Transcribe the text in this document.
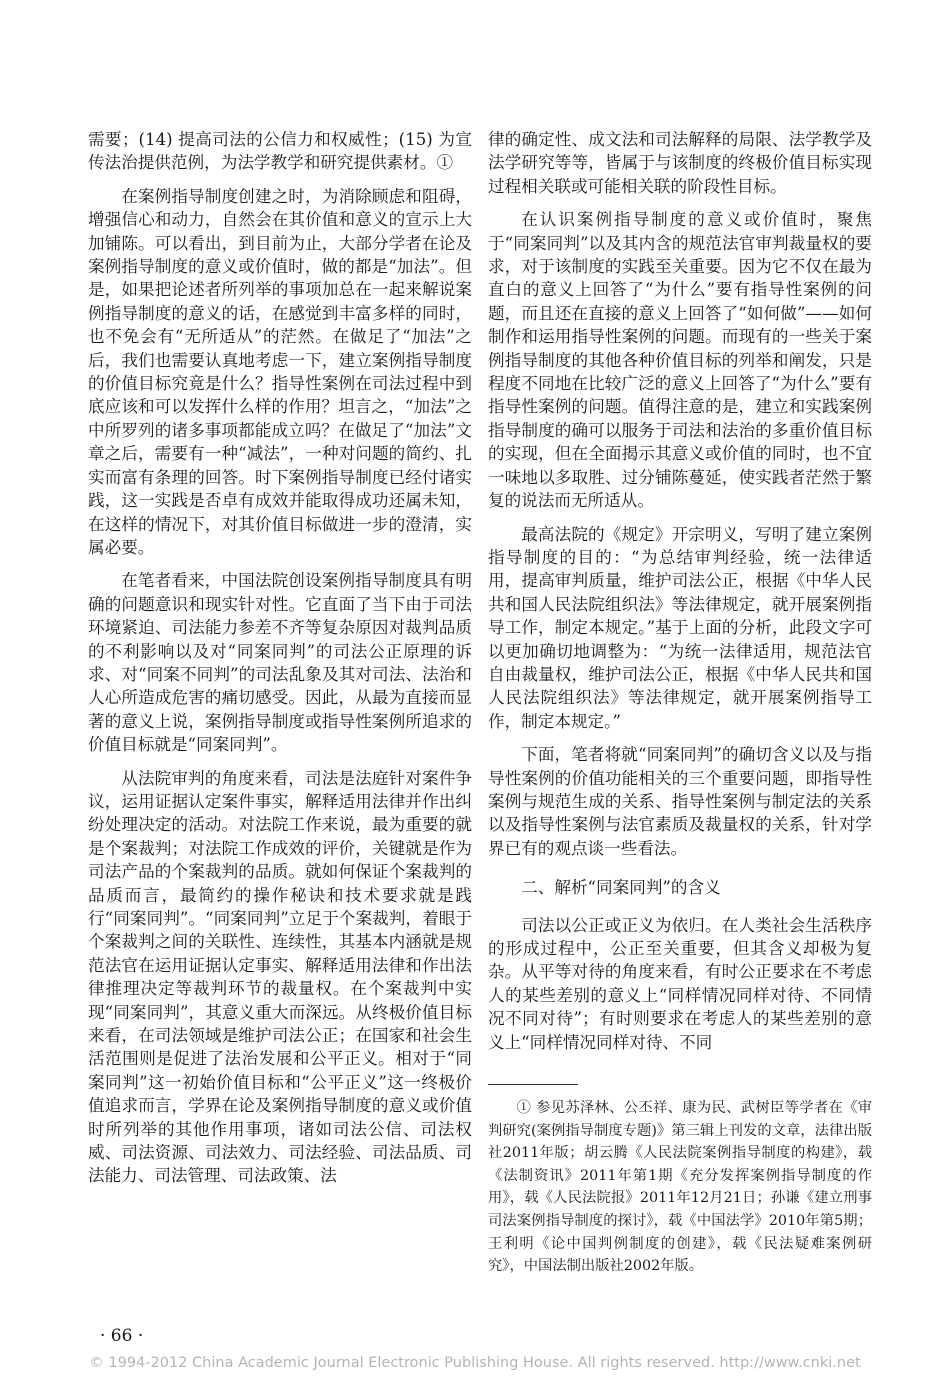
需要；(14) 提高司法的公信力和权威性；(15) 为宣传法治提供范例，为法学教学和研究提供素材。①

在案例指导制度创建之时，为消除顾虑和阻碍，增强信心和动力，自然会在其价值和意义的宣示上大加铺陈。可以看出，到目前为止，大部分学者在论及案例指导制度的意义或价值时，做的都是“加法”。但是，如果把论述者所列举的事项加总在一起来解说案例指导制度的意义的话，在感觉到丰富多样的同时，也不免会有“无所适从”的茫然。在做足了“加法”之后，我们也需要认真地考虑一下，建立案例指导制度的价值目标究竟是什么？指导性案例在司法过程中到底应该和可以发挥什么样的作用？坦言之，“加法”之中所罗列的诸多事项都能成立吗？在做足了“加法”文章之后，需要有一种“减法”，一种对问题的简约、扎实而富有条理的回答。时下案例指导制度已经付诸实践，这一实践是否卓有成效并能取得成功还属未知，在这样的情况下，对其价值目标做进一步的澄清，实属必要。

在笔者看来，中国法院创设案例指导制度具有明确的问题意识和现实针对性。它直面了当下由于司法环境紧迫、司法能力参差不齐等复杂原因对裁判品质的不利影响以及对“同案同判”的司法公正原理的诉求、对“同案不同判”的司法乱象及其对司法、法治和人心所造成危害的痛切感受。因此，从最为直接而显著的意义上说，案例指导制度或指导性案例所追求的价值目标就是“同案同判”。

从法院审判的角度来看，司法是法庭针对案件争议，运用证据认定案件事实，解释适用法律并作出纠纷处理决定的活动。对法院工作来说，最为重要的就是个案裁判；对法院工作成效的评价，关键就是作为司法产品的个案裁判的品质。就如何保证个案裁判的品质而言，最简约的操作秘诀和技术要求就是践行“同案同判”。“同案同判”立足于个案裁判，着眼于个案裁判之间的关联性、连续性，其基本内涵就是规范法官在运用证据认定事实、解释适用法律和作出法律推理决定等裁判环节的裁量权。在个案裁判中实现“同案同判”，其意义重大而深远。从终极价值目标来看，在司法领域是维护司法公正；在国家和社会生活范围则是促进了法治发展和公平正义。相对于“同案同判”这一初始价值目标和“公平正义”这一终极价值追求而言，学界在论及案例指导制度的意义或价值时所列举的其他作用事项，诸如司法公信、司法权威、司法资源、司法效力、司法经验、司法品质、司法能力、司法管理、司法政策、法

律的确定性、成文法和司法解释的局限、法学教学及法学研究等等，皆属于与该制度的终极价值目标实现过程相关联或可能相关联的阶段性目标。

在认识案例指导制度的意义或价值时，聚焦于“同案同判”以及其内含的规范法官审判裁量权的要求，对于该制度的实践至关重要。因为它不仅在最为直白的意义上回答了“为什么”要有指导性案例的问题，而且还在直接的意义上回答了“如何做”——如何制作和运用指导性案例的问题。而现有的一些关于案例指导制度的其他各种价值目标的列举和阐发，只是程度不同地在比较广泛的意义上回答了“为什么”要有指导性案例的问题。值得注意的是，建立和实践案例指导制度的确可以服务于司法和法治的多重价值目标的实现，但在全面揭示其意义或价值的同时，也不宜一味地以多取胜、过分铺陈蔓延，使实践者茫然于繁复的说法而无所适从。

最高法院的《规定》开宗明义，写明了建立案例指导制度的目的：“为总结审判经验，统一法律适用，提高审判质量，维护司法公正，根据《中华人民共和国人民法院组织法》等法律规定，就开展案例指导工作，制定本规定。”基于上面的分析，此段文字可以更加确切地调整为：“为统一法律适用，规范法官自由裁量权，维护司法公正，根据《中华人民共和国人民法院组织法》等法律规定，就开展案例指导工作，制定本规定。”

下面，笔者将就“同案同判”的确切含义以及与指导性案例的价值功能相关的三个重要问题，即指导性案例与规范生成的关系、指导性案例与制定法的关系以及指导性案例与法官素质及裁量权的关系，针对学界已有的观点谈一些看法。

二、解析“同案同判”的含义

司法以公正或正义为依归。在人类社会生活秩序的形成过程中，公正至关重要，但其含义却极为复杂。从平等对待的角度来看，有时公正要求在不考虑人的某些差别的意义上“同样情况同样对待、不同情况不同对待”；有时则要求在考虑人的某些差别的意义上“同样情况同样对待、不同

① 参见苏泽林、公丕祥、康为民、武树臣等学者在《审判研究(案例指导制度专题)》第三辑上刊发的文章，法律出版社2011年版；胡云腾《人民法院案例指导制度的构建》，载《法制资讯》2011年第1期《充分发挥案例指导制度的作用》，载《人民法院报》2011年12月21日；孙谦《建立刑事司法案例指导制度的探讨》，载《中国法学》2010年第5期；王利明《论中国判例制度的创建》，载《民法疑难案例研究》，中国法制出版社2002年版。

· 66 ·
© 1994-2012 China Academic Journal Electronic Publishing House. All rights reserved. http://www.cnki.net
